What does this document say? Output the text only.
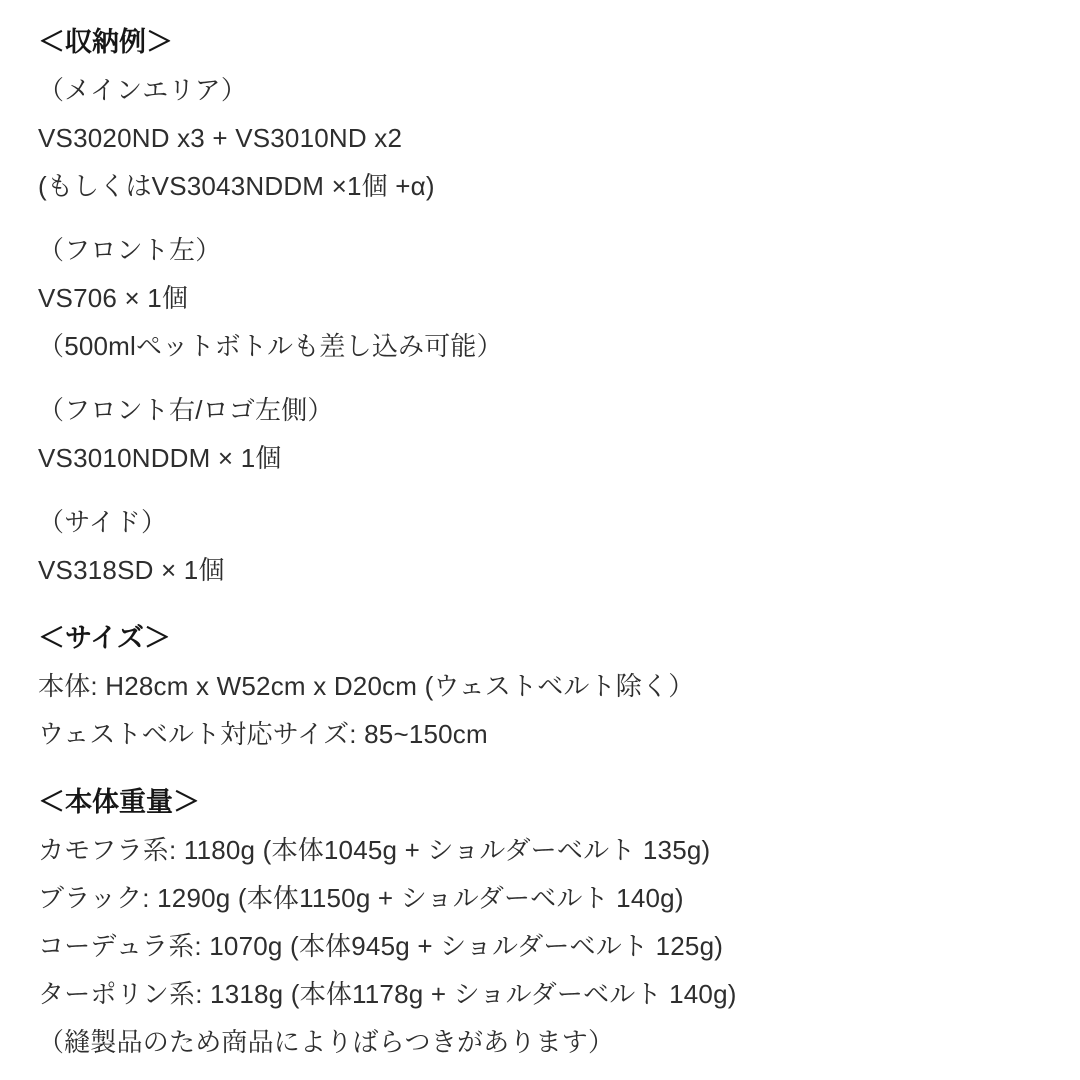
＜収納例＞
（メインエリア）
VS3020ND x3 + VS3010ND x2
(もしくはVS3043NDDM ×1個 +α)
（フロント左）
VS706 × 1個
（500mlペットボトルも差し込み可能）
（フロント右/ロゴ左側）
VS3010NDDM × 1個
（サイド）
VS318SD × 1個
＜サイズ＞
本体: H28cm x W52cm x D20cm (ウェストベルト除く）
ウェストベルト対応サイズ: 85~150cm
＜本体重量＞
カモフラ系: 1180g (本体1045g + ショルダーベルト 135g)
ブラック: 1290g (本体1150g + ショルダーベルト 140g)
コーデュラ系: 1070g (本体945g + ショルダーベルト 125g)
ターポリン系: 1318g (本体1178g + ショルダーベルト 140g)
（縫製品のため商品によりばらつきがあります）
